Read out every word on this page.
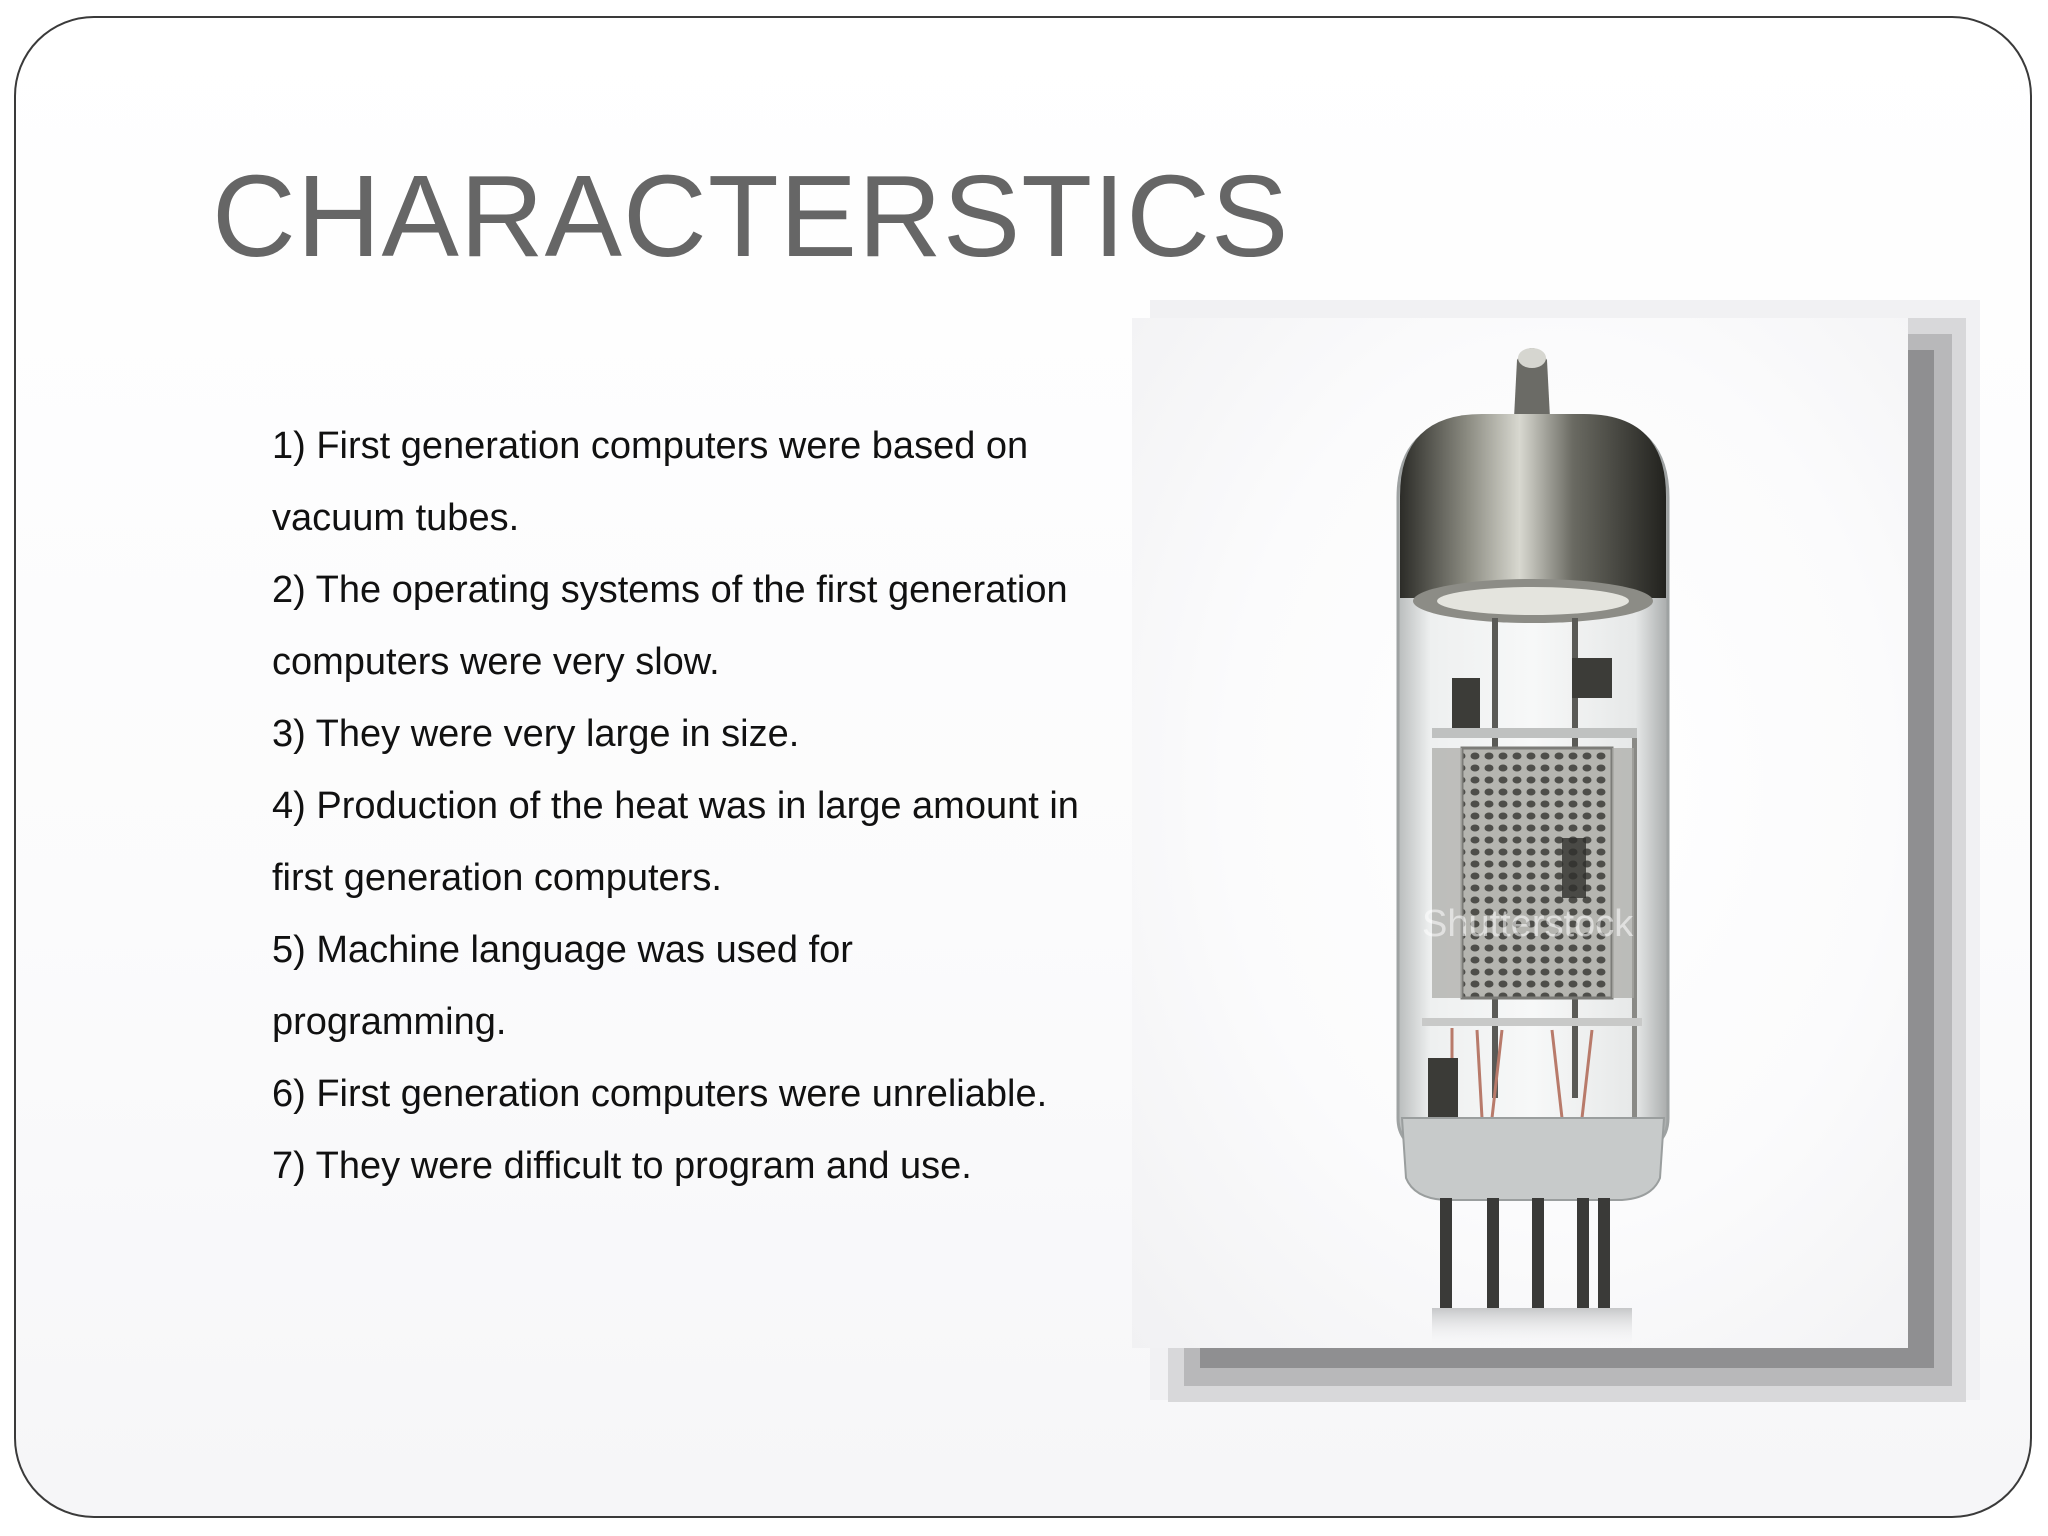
CHARACTERSTICS

1) First generation computers were based on vacuum tubes.

2) The operating systems of the first generation computers were very slow.

3) They were very large in size.

4) Production of the heat was in large amount in first generation computers.

5) Machine language was used for programming.

6) First generation computers were unreliable.

7) They were difficult to program and use.

Shutterstock
